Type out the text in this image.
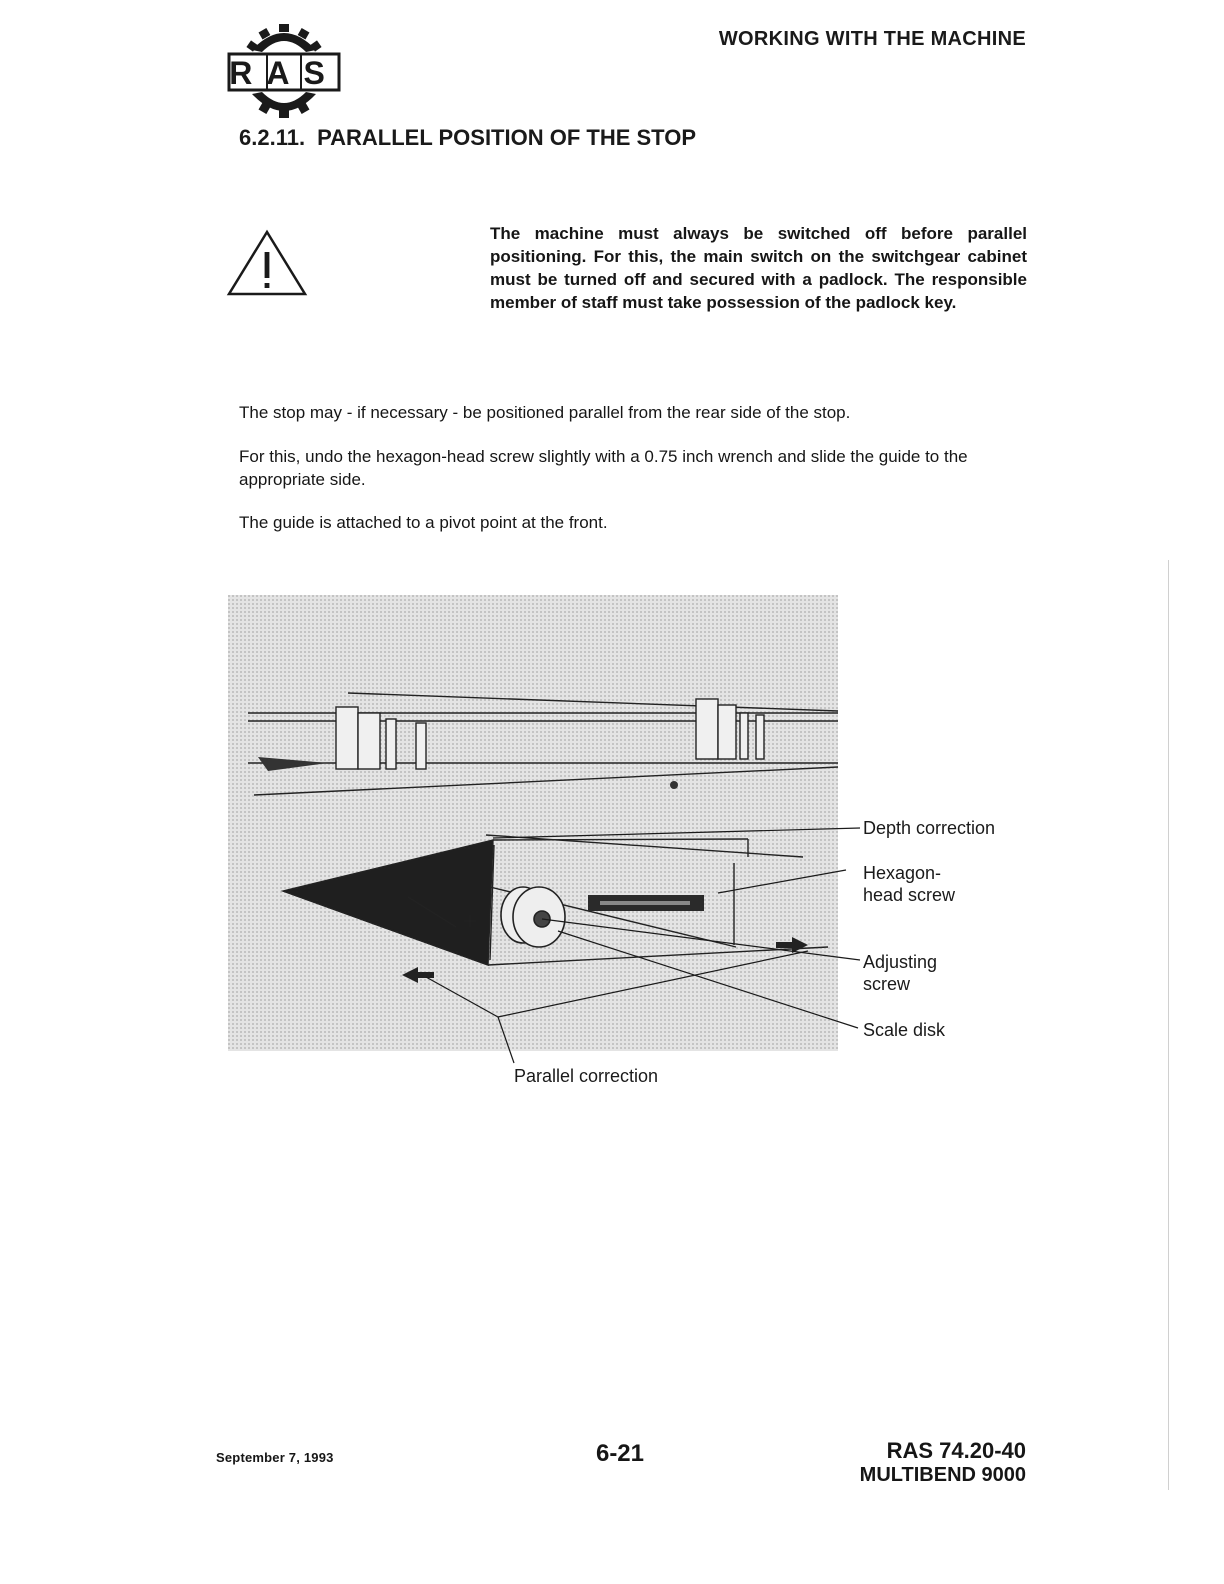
WORKING WITH THE MACHINE
RAS
6.2.11. PARALLEL POSITION OF THE STOP

The machine must always be switched off before parallel positioning. For this, the main switch on the switchgear cabinet must be turned off and secured with a padlock. The responsible member of staff must take possession of the padlock key.

The stop may - if necessary - be positioned parallel from the rear side of the stop.

For this, undo the hexagon-head screw slightly with a 0.75 inch wrench and slide the guide to the appropriate side.

The guide is attached to a pivot point at the front.

Depth correction
Hexagon-head screw
Adjusting screw
Scale disk
Parallel correction
September 7, 1993	6-21	RAS 74.20-40
MULTIBEND 9000
